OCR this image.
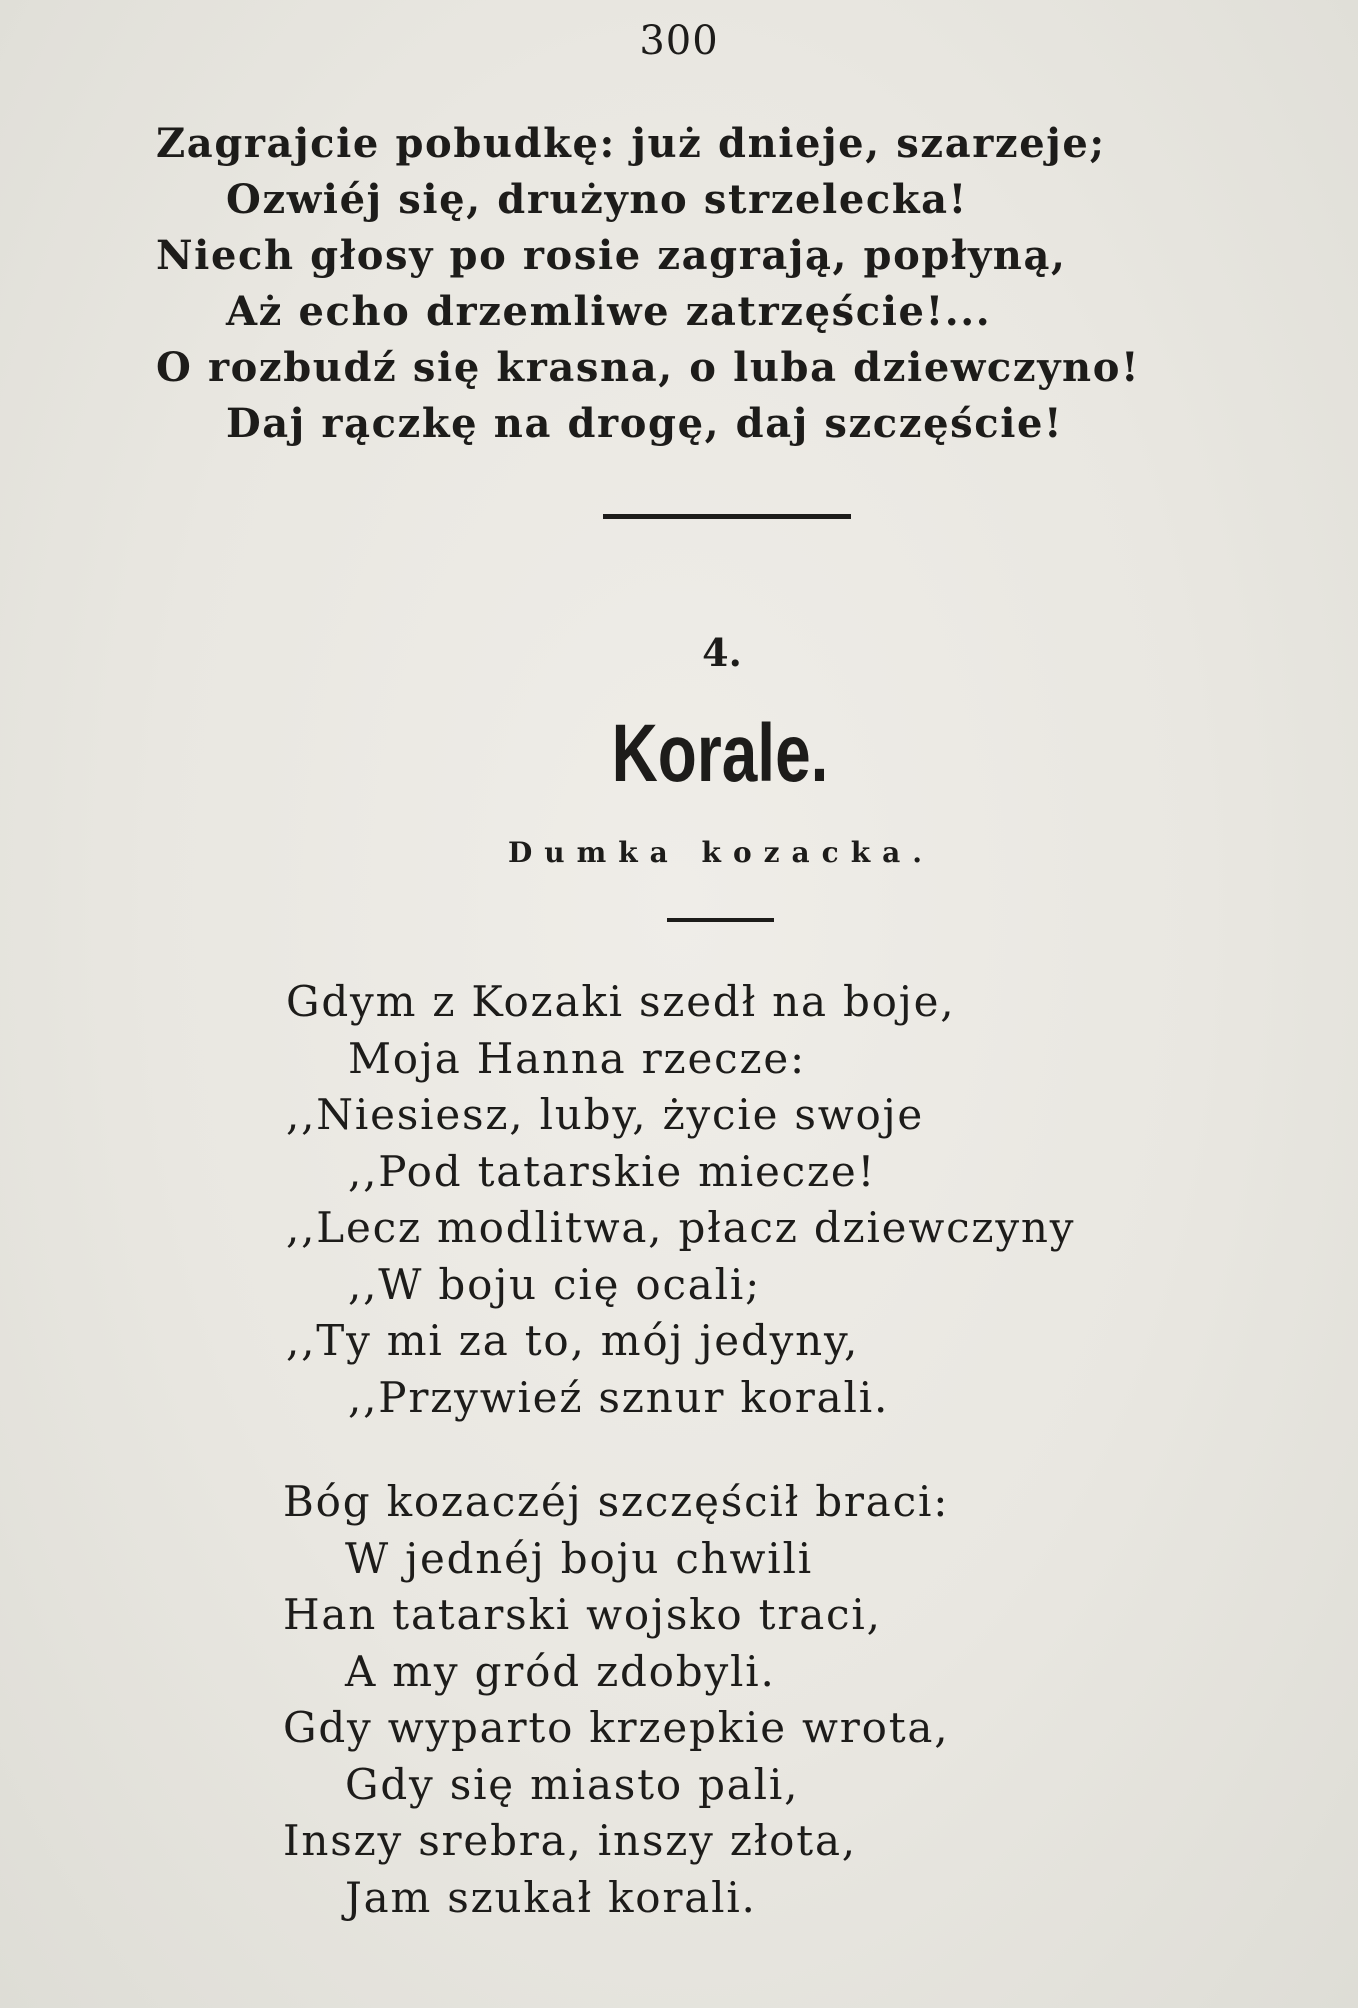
300
Zagrajcie pobudkę: już dnieje, szarzeje;
Ozwiéj się, drużyno strzelecka!
Niech głosy po rosie zagrają, popłyną,
Aż echo drzemliwe zatrzęście!...
O rozbudź się krasna, o luba dziewczyno!
Daj rączkę na drogę, daj szczęście!
4.
Korale.
Dumka kozacka.
Gdym z Kozaki szedł na boje,
Moja Hanna rzecze:
,,Niesiesz, luby, życie swoje
,,Pod tatarskie miecze!
,,Lecz modlitwa, płacz dziewczyny
,,W boju cię ocali;
,,Ty mi za to, mój jedyny,
,,Przywieź sznur korali.
Bóg kozaczéj szczęścił braci:
W jednéj boju chwili
Han tatarski wojsko traci,
A my gród zdobyli.
Gdy wyparto krzepkie wrota,
Gdy się miasto pali,
Inszy srebra, inszy złota,
Jam szukał korali.
